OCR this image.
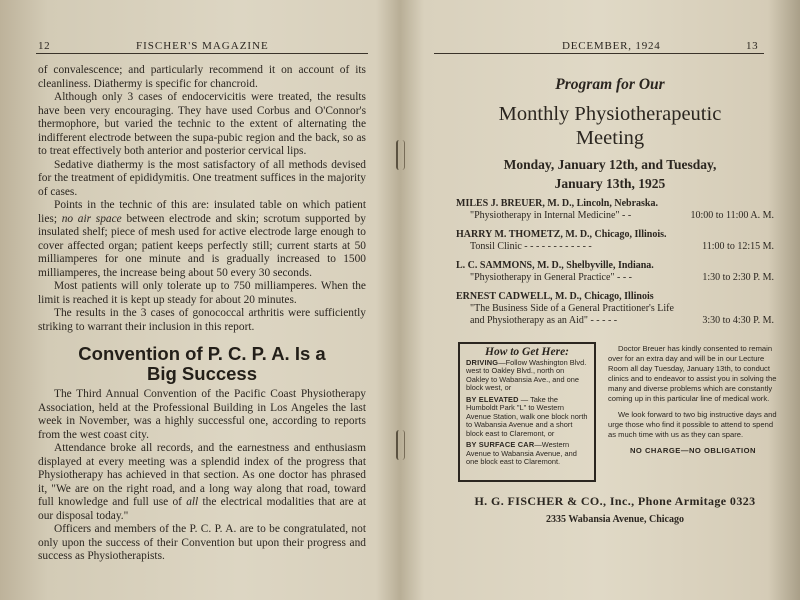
12	FISCHER'S MAGAZINE

of convalescence; and particularly recommend it on account of its cleanliness. Diathermy is specific for chancroid.

Although only 3 cases of endocervicitis were treated, the results have been very encouraging. They have used Corbus and O'Connor's thermophore, but varied the technic to the extent of alternating the indifferent electrode between the supa-pubic region and the back, so as to treat effectively both anterior and posterior cervical lips.

Sedative diathermy is the most satisfactory of all methods devised for the treatment of epididymitis. One treatment suffices in the majority of cases.

Points in the technic of this are: insulated table on which patient lies; no air space between electrode and skin; scrotum supported by insulated shelf; piece of mesh used for active electrode large enough to cover affected organ; patient keeps perfectly still; current starts at 50 milliamperes for one minute and is gradually increased to 1500 milliamperes, the increase being about 50 every 30 seconds.

Most patients will only tolerate up to 750 milliamperes. When the limit is reached it is kept up steady for about 20 minutes.

The results in the 3 cases of gonococcal arthritis were sufficiently striking to warrant their inclusion in this report.

Convention of P. C. P. A. Is a
Big Success

The Third Annual Convention of the Pacific Coast Physiotherapy Association, held at the Professional Building in Los Angeles the last week in November, was a highly successful one, according to reports from the west coast city.

Attendance broke all records, and the earnestness and enthusiasm displayed at every meeting was a splendid index of the progress that Physiotherapy has achieved in that section. As one doctor has phrased it, "We are on the right road, and a long way along that road, toward full knowledge and full use of all the electrical modalities that are at our disposal today."

Officers and members of the P. C. P. A. are to be congratulated, not only upon the success of their Convention but upon their progress and success as Physiotherapists.

DECEMBER, 1924	13
Program for Our
Monthly Physiotherapeutic
Meeting
Monday, January 12th, and Tuesday,
January 13th, 1925
MILES J. BREUER, M. D., Lincoln, Nebraska.
"Physiotherapy in Internal Medicine" - -	10:00 to 11:00 A. M.
HARRY M. THOMETZ, M. D., Chicago, Illinois.
Tonsil Clinic - - - - - - - - - - - -	11:00 to 12:15 M.
L. C. SAMMONS, M. D., Shelbyville, Indiana.
"Physiotherapy in General Practice" - - -	1:30 to 2:30 P. M.
ERNEST CADWELL, M. D., Chicago, Illinois
"The Business Side of a General Practitioner's Life
and Physiotherapy as an Aid" - - - - -	3:30 to 4:30 P. M.
How to Get Here:
DRIVING—Follow Washington Blvd. west to Oakley Blvd., north on Oakley to Wabansia Ave., and one block west, or
BY ELEVATED — Take the Humboldt Park "L" to Western Avenue Station, walk one block north to Wabansia Avenue and a short block east to Claremont, or
BY SURFACE CAR—Western Avenue to Wabansia Avenue, and one block east to Claremont.

Doctor Breuer has kindly consented to remain over for an extra day and will be in our Lecture Room all day Tuesday, January 13th, to conduct clinics and to endeavor to assist you in solving the many and diverse problems which are constantly coming up in this particular line of medical work.

We look forward to two big instructive days and urge those who find it possible to attend to spend as much time with us as they can spare.

NO CHARGE—NO OBLIGATION

H. G. FISCHER & CO., Inc., Phone Armitage 0323
2335 Wabansia Avenue, Chicago
